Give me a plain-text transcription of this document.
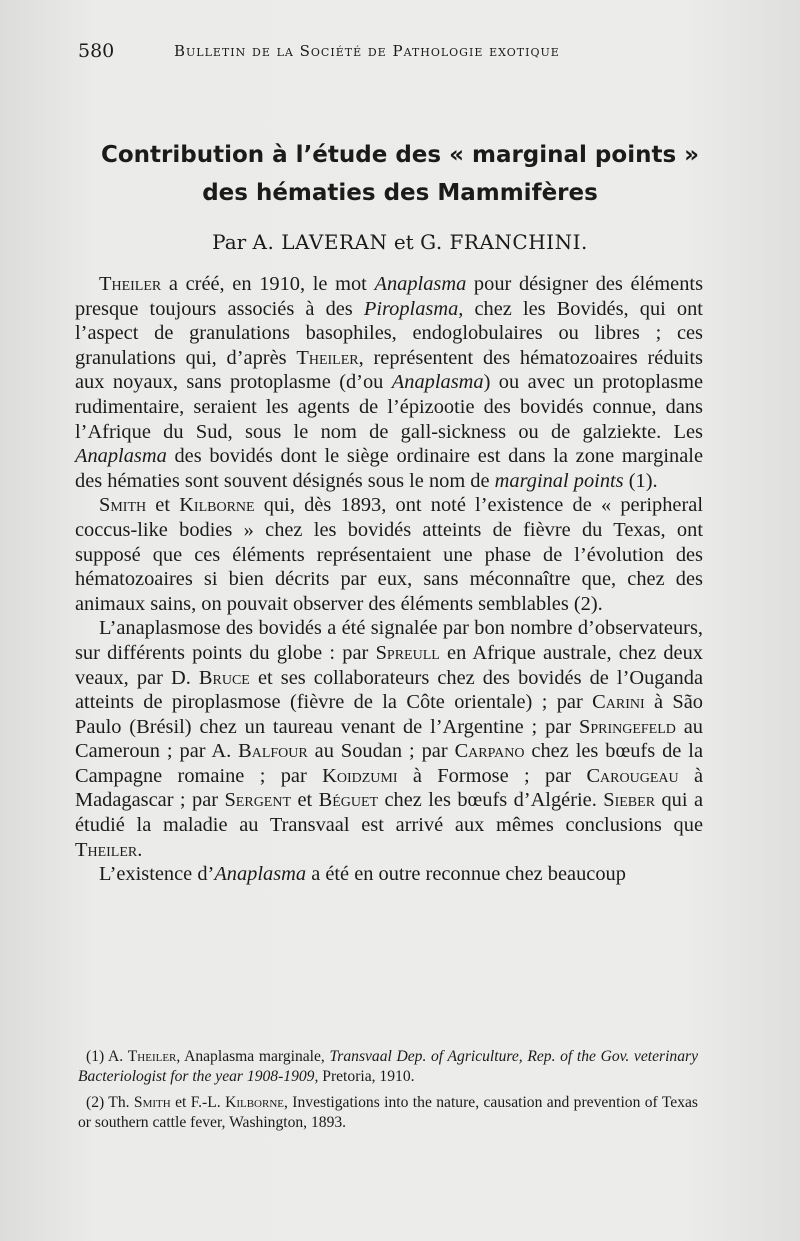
580	Bulletin de la Société de Pathologie exotique
Contribution à l’étude des « marginal points »
des hématies des Mammifères
Par A. LAVERAN et G. FRANCHINI.

Theiler a créé, en 1910, le mot Anaplasma pour désigner des éléments presque toujours associés à des Piroplasma, chez les Bovidés, qui ont l’aspect de granulations basophiles, endoglobulaires ou libres ; ces granulations qui, d’après Theiler, représentent des hématozoaires réduits aux noyaux, sans protoplasme (d’ou Anaplasma) ou avec un protoplasme rudimentaire, seraient les agents de l’épizootie des bovidés connue, dans l’Afrique du Sud, sous le nom de gall-sickness ou de galziekte. Les Anaplasma des bovidés dont le siège ordinaire est dans la zone marginale des hématies sont souvent désignés sous le nom de marginal points (1).

Smith et Kilborne qui, dès 1893, ont noté l’existence de « peripheral coccus-like bodies » chez les bovidés atteints de fièvre du Texas, ont supposé que ces éléments représentaient une phase de l’évolution des hématozoaires si bien décrits par eux, sans méconnaître que, chez des animaux sains, on pouvait observer des éléments semblables (2).

L’anaplasmose des bovidés a été signalée par bon nombre d’observateurs, sur différents points du globe : par Spreull en Afrique australe, chez deux veaux, par D. Bruce et ses collaborateurs chez des bovidés de l’Ouganda atteints de piroplasmose (fièvre de la Côte orientale) ; par Carini à São Paulo (Brésil) chez un taureau venant de l’Argentine ; par Springefeld au Cameroun ; par A. Balfour au Soudan ; par Carpano chez les bœufs de la Campagne romaine ; par Koidzumi à Formose ; par Carougeau à Madagascar ; par Sergent et Béguet chez les bœufs d’Algérie. Sieber qui a étudié la maladie au Transvaal est arrivé aux mêmes conclusions que Theiler.

L’existence d’Anaplasma a été en outre reconnue chez beaucoup

(1) A. Theiler, Anaplasma marginale, Transvaal Dep. of Agriculture, Rep. of the Gov. veterinary Bacteriologist for the year 1908-1909, Pretoria, 1910.

(2) Th. Smith et F.-L. Kilborne, Investigations into the nature, causation and prevention of Texas or southern cattle fever, Washington, 1893.
